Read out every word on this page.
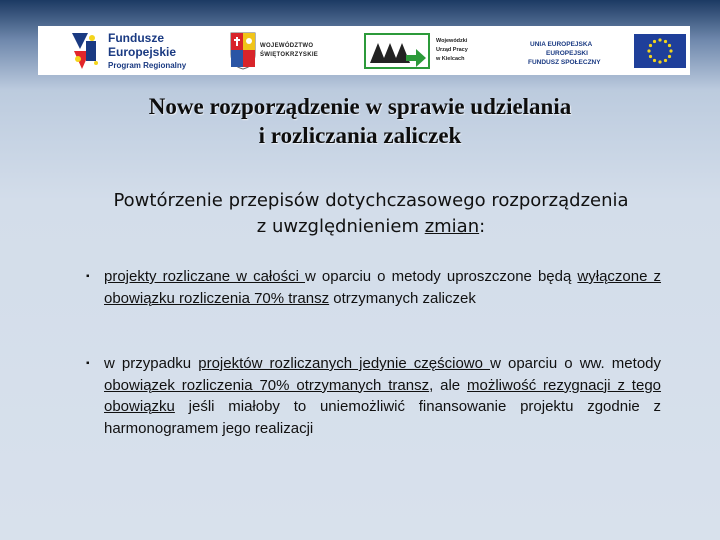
Fundusze
Europejskie
Program Regionalny
WOJEWÓDZTWO
ŚWIĘTOKRZYSKIE
Wojewódzki
Urząd Pracy
w Kielcach
UNIA EUROPEJSKA
EUROPEJSKI
FUNDUSZ SPOŁECZNY
Nowe rozporządzenie w sprawie udzielania
i rozliczania zaliczek
Powtórzenie przepisów dotychczasowego rozporządzenia
z uwzględnieniem zmian:
▪ projekty rozliczane w całości w oparciu o metody uproszczone będą wyłączone z obowiązku rozliczenia 70% transz otrzymanych zaliczek
▪ w przypadku projektów rozliczanych jedynie częściowo w oparciu o ww. metody obowiązek rozliczenia 70% otrzymanych transz, ale możliwość rezygnacji z tego obowiązku jeśli miałoby to uniemożliwić finansowanie projektu zgodnie z harmonogramem jego realizacji
